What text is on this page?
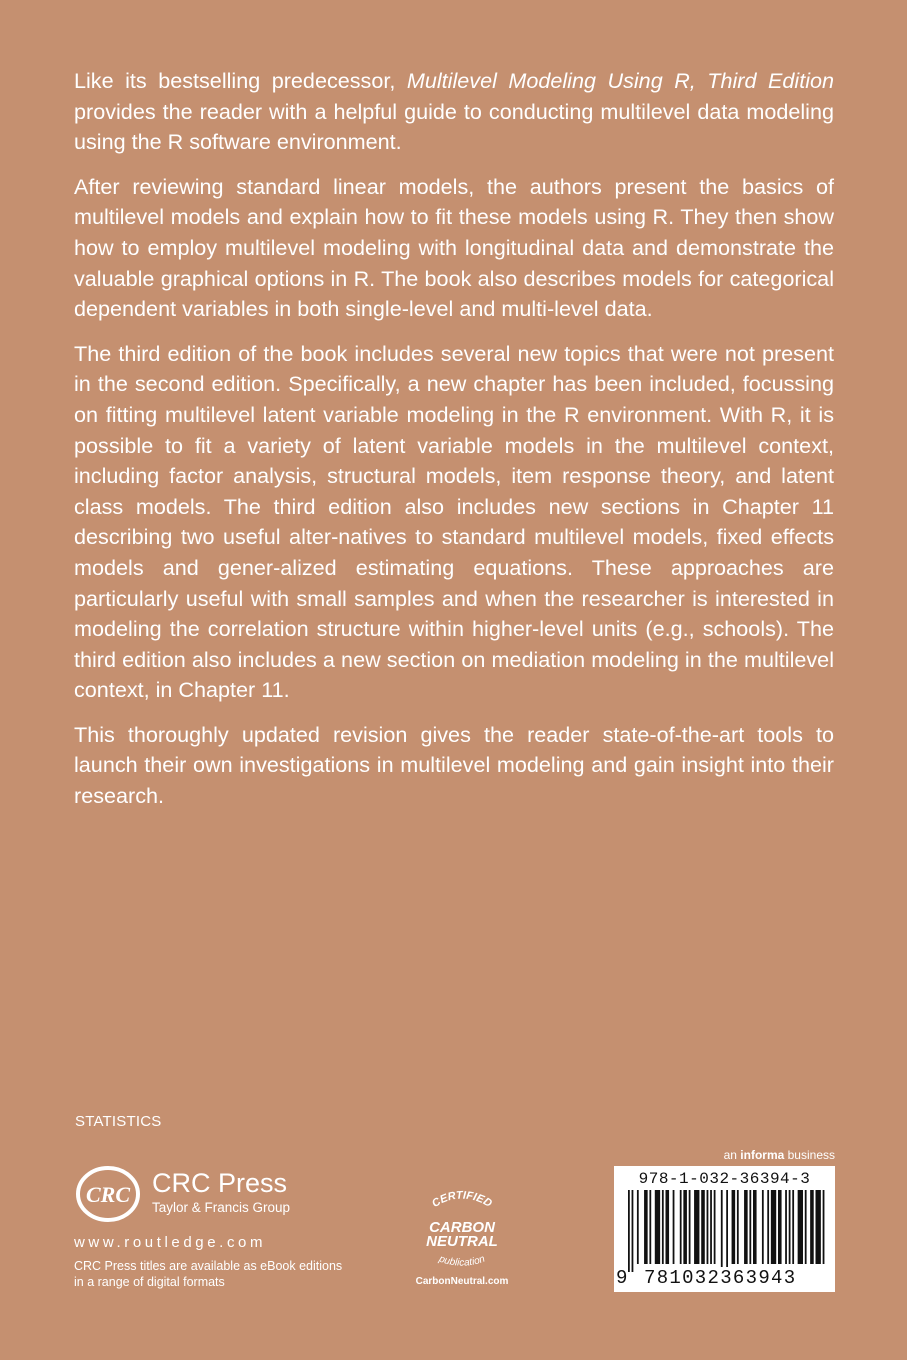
Like its bestselling predecessor, Multilevel Modeling Using R, Third Edition provides the reader with a helpful guide to conducting multilevel data modeling using the R software environment.

After reviewing standard linear models, the authors present the basics of multilevel models and explain how to fit these models using R. They then show how to employ multilevel modeling with longitudinal data and demonstrate the valuable graphical options in R. The book also describes models for categorical dependent variables in both single-level and multi-level data.

The third edition of the book includes several new topics that were not present in the second edition. Specifically, a new chapter has been included, focussing on fitting multilevel latent variable modeling in the R environment. With R, it is possible to fit a variety of latent variable models in the multilevel context, including factor analysis, structural models, item response theory, and latent class models. The third edition also includes new sections in Chapter 11 describing two useful alter-natives to standard multilevel models, fixed effects models and gener-alized estimating equations. These approaches are particularly useful with small samples and when the researcher is interested in modeling the correlation structure within higher-level units (e.g., schools). The third edition also includes a new section on mediation modeling in the multilevel context, in Chapter 11.

This thoroughly updated revision gives the reader state-of-the-art tools to launch their own investigations in multilevel modeling and gain insight into their research.

STATISTICS
CRC CRC Press
Taylor & Francis Group
www.routledge.com
CRC Press titles are available as eBook editions in a range of digital formats
CERTIFIED
CARBON
NEUTRAL
publication
CarbonNeutral.com
an informa business
978-1-032-36394-3
9 781032363943
